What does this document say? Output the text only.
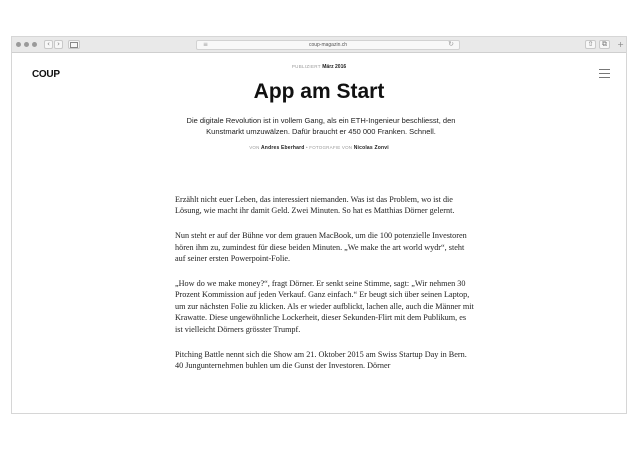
‹	›	≡	coup-magazin.ch	↻	⇧	⧉	+
COUP
PUBLIZIERT März 2016
App am Start
Die digitale Revolution ist in vollem Gang, als ein ETH-Ingenieur beschliesst, den Kunstmarkt umzuwälzen. Dafür braucht er 450 000 Franken. Schnell.
VON Andres Eberhard • FOTOGRAFIE VON Nicolas Zonvi

Erzählt nicht euer Leben, das interessiert niemanden. Was ist das Problem, wo ist die Lösung, wie macht ihr damit Geld. Zwei Minuten. So hat es Matthias Dörner gelernt.

Nun steht er auf der Bühne vor dem grauen MacBook, um die 100 potenzielle Investoren hören ihm zu, zumindest für diese beiden Minuten. „We make the art world wydr“, steht auf seiner ersten Powerpoint-Folie.

„How do we make money?“, fragt Dörner. Er senkt seine Stimme, sagt: „Wir nehmen 30 Prozent Kommission auf jeden Verkauf. Ganz einfach.“ Er beugt sich über seinen Laptop, um zur nächsten Folie zu klicken. Als er wieder aufblickt, lachen alle, auch die Männer mit Krawatte. Diese ungewöhnliche Lockerheit, dieser Sekunden-Flirt mit dem Publikum, es ist vielleicht Dörners grösster Trumpf.

Pitching Battle nennt sich die Show am 21. Oktober 2015 am Swiss Startup Day in Bern. 40 Jungunternehmen buhlen um die Gunst der Investoren. Dörner
